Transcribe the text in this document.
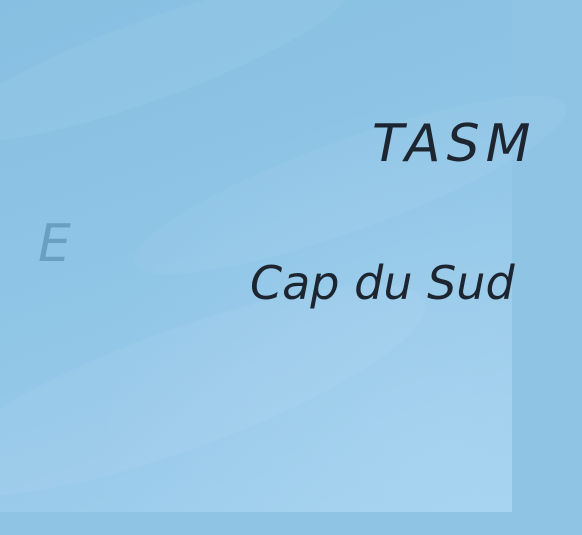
E
TASM
Cap du Sud
